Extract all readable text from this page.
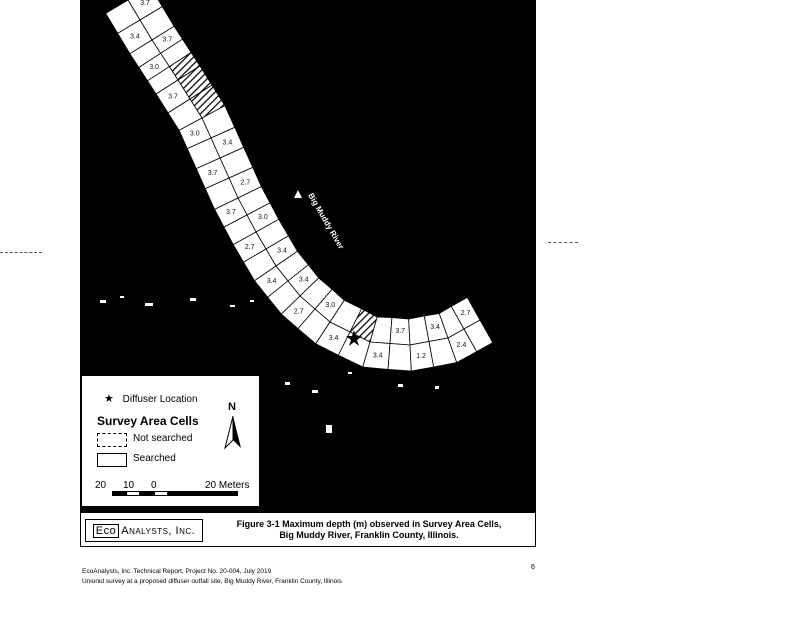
3.7
3.4	3.7
3.0
3.7
3.0
3.4
3.7
2.7
3.7
3.0
2.7	3.4
3.4	3.4
2.7
3.0
3.4
3.4
3.7
1.2
3.4
2.4
2.7
Big Muddy River
★ Diffuser Location
Survey Area Cells
Not searched
Searched
N
20 10 0	20 Meters
Eco Analysts, Inc.
Figure 3-1 Maximum depth (m) observed in Survey Area Cells,
Big Muddy River, Franklin County, Illinois.
EcoAnalysts, Inc. Technical Report, Project No. 20-004, July 2019
Unionid survey at a proposed diffuser outfall site, Big Muddy River, Franklin County, Illinois
6
